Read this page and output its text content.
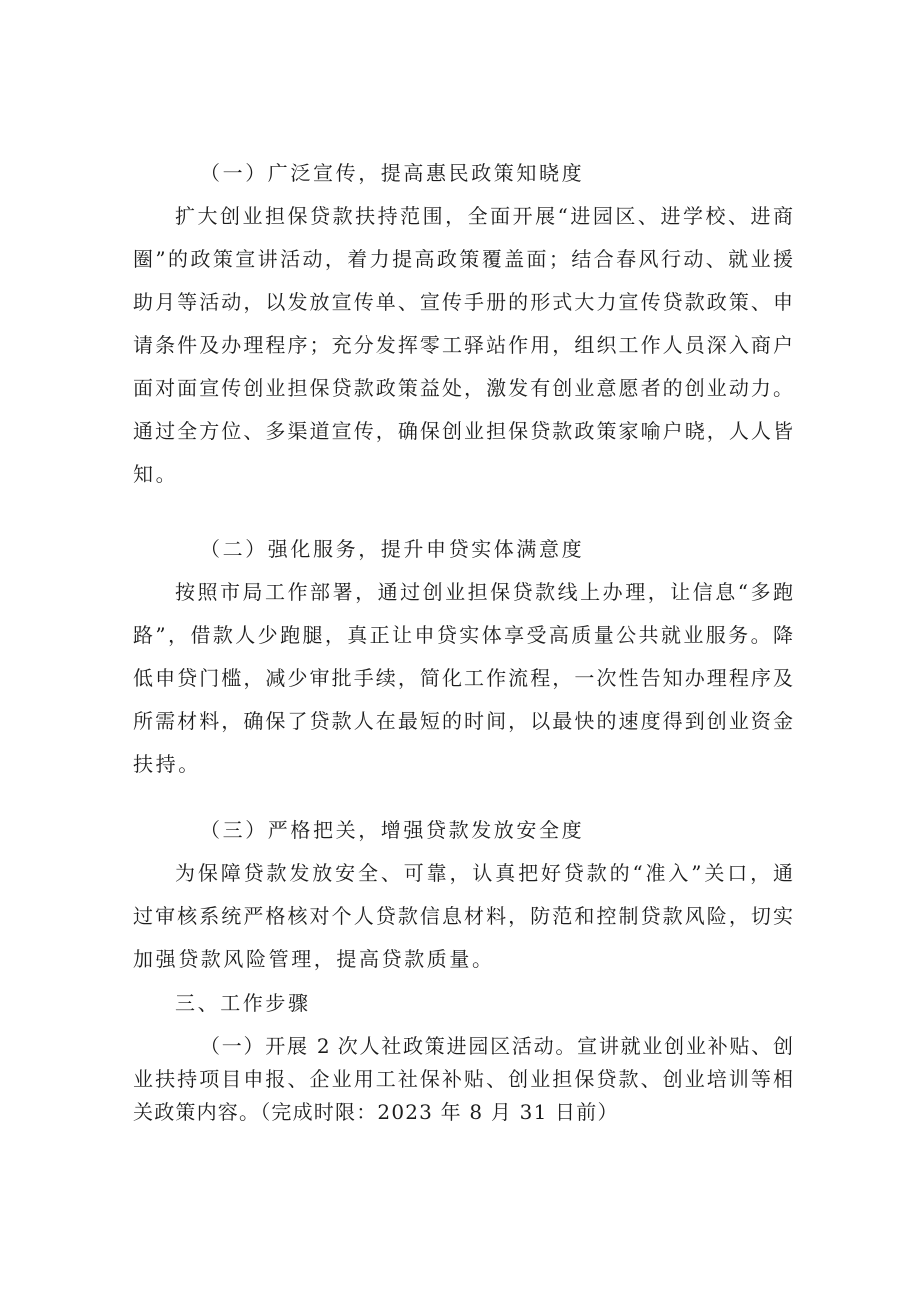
（一）广泛宣传，提高惠民政策知晓度
扩大创业担保贷款扶持范围，全面开展“进园区、进学校、进商
圈”的政策宣讲活动，着力提高政策覆盖面；结合春风行动、就业援
助月等活动，以发放宣传单、宣传手册的形式大力宣传贷款政策、申
请条件及办理程序；充分发挥零工驿站作用，组织工作人员深入商户
面对面宣传创业担保贷款政策益处，激发有创业意愿者的创业动力。
通过全方位、多渠道宣传，确保创业担保贷款政策家喻户晓，人人皆
知。
（二）强化服务，提升申贷实体满意度
按照市局工作部署，通过创业担保贷款线上办理，让信息“多跑
路”，借款人少跑腿，真正让申贷实体享受高质量公共就业服务。降
低申贷门槛，减少审批手续，简化工作流程，一次性告知办理程序及
所需材料，确保了贷款人在最短的时间，以最快的速度得到创业资金
扶持。
（三）严格把关，增强贷款发放安全度
为保障贷款发放安全、可靠，认真把好贷款的“准入”关口，通
过审核系统严格核对个人贷款信息材料，防范和控制贷款风险，切实
加强贷款风险管理，提高贷款质量。
三、工作步骤
（一）开展 2 次人社政策进园区活动。宣讲就业创业补贴、创
业扶持项目申报、企业用工社保补贴、创业担保贷款、创业培训等相
关政策内容。（完成时限：2023 年 8 月 31 日前）
